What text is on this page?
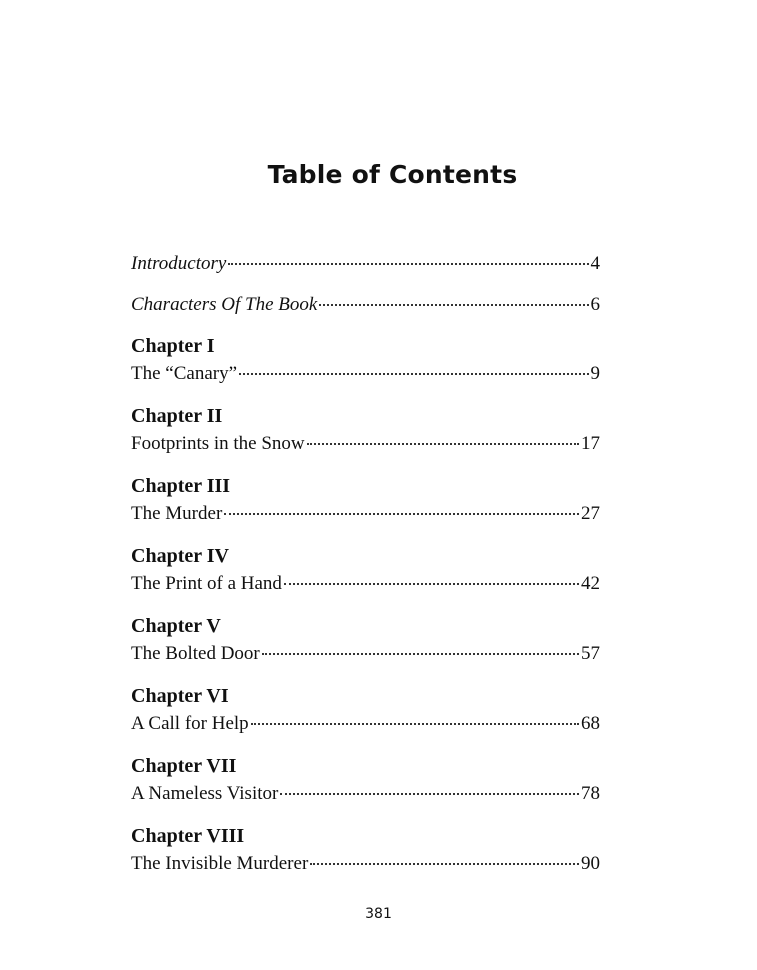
Table of Contents
Introductory	4
Characters Of The Book	6
Chapter I
The “Canary”	9
Chapter II
Footprints in the Snow	17
Chapter III
The Murder	27
Chapter IV
The Print of a Hand	42
Chapter V
The Bolted Door	57
Chapter VI
A Call for Help	68
Chapter VII
A Nameless Visitor	78
Chapter VIII
The Invisible Murderer	90
381
